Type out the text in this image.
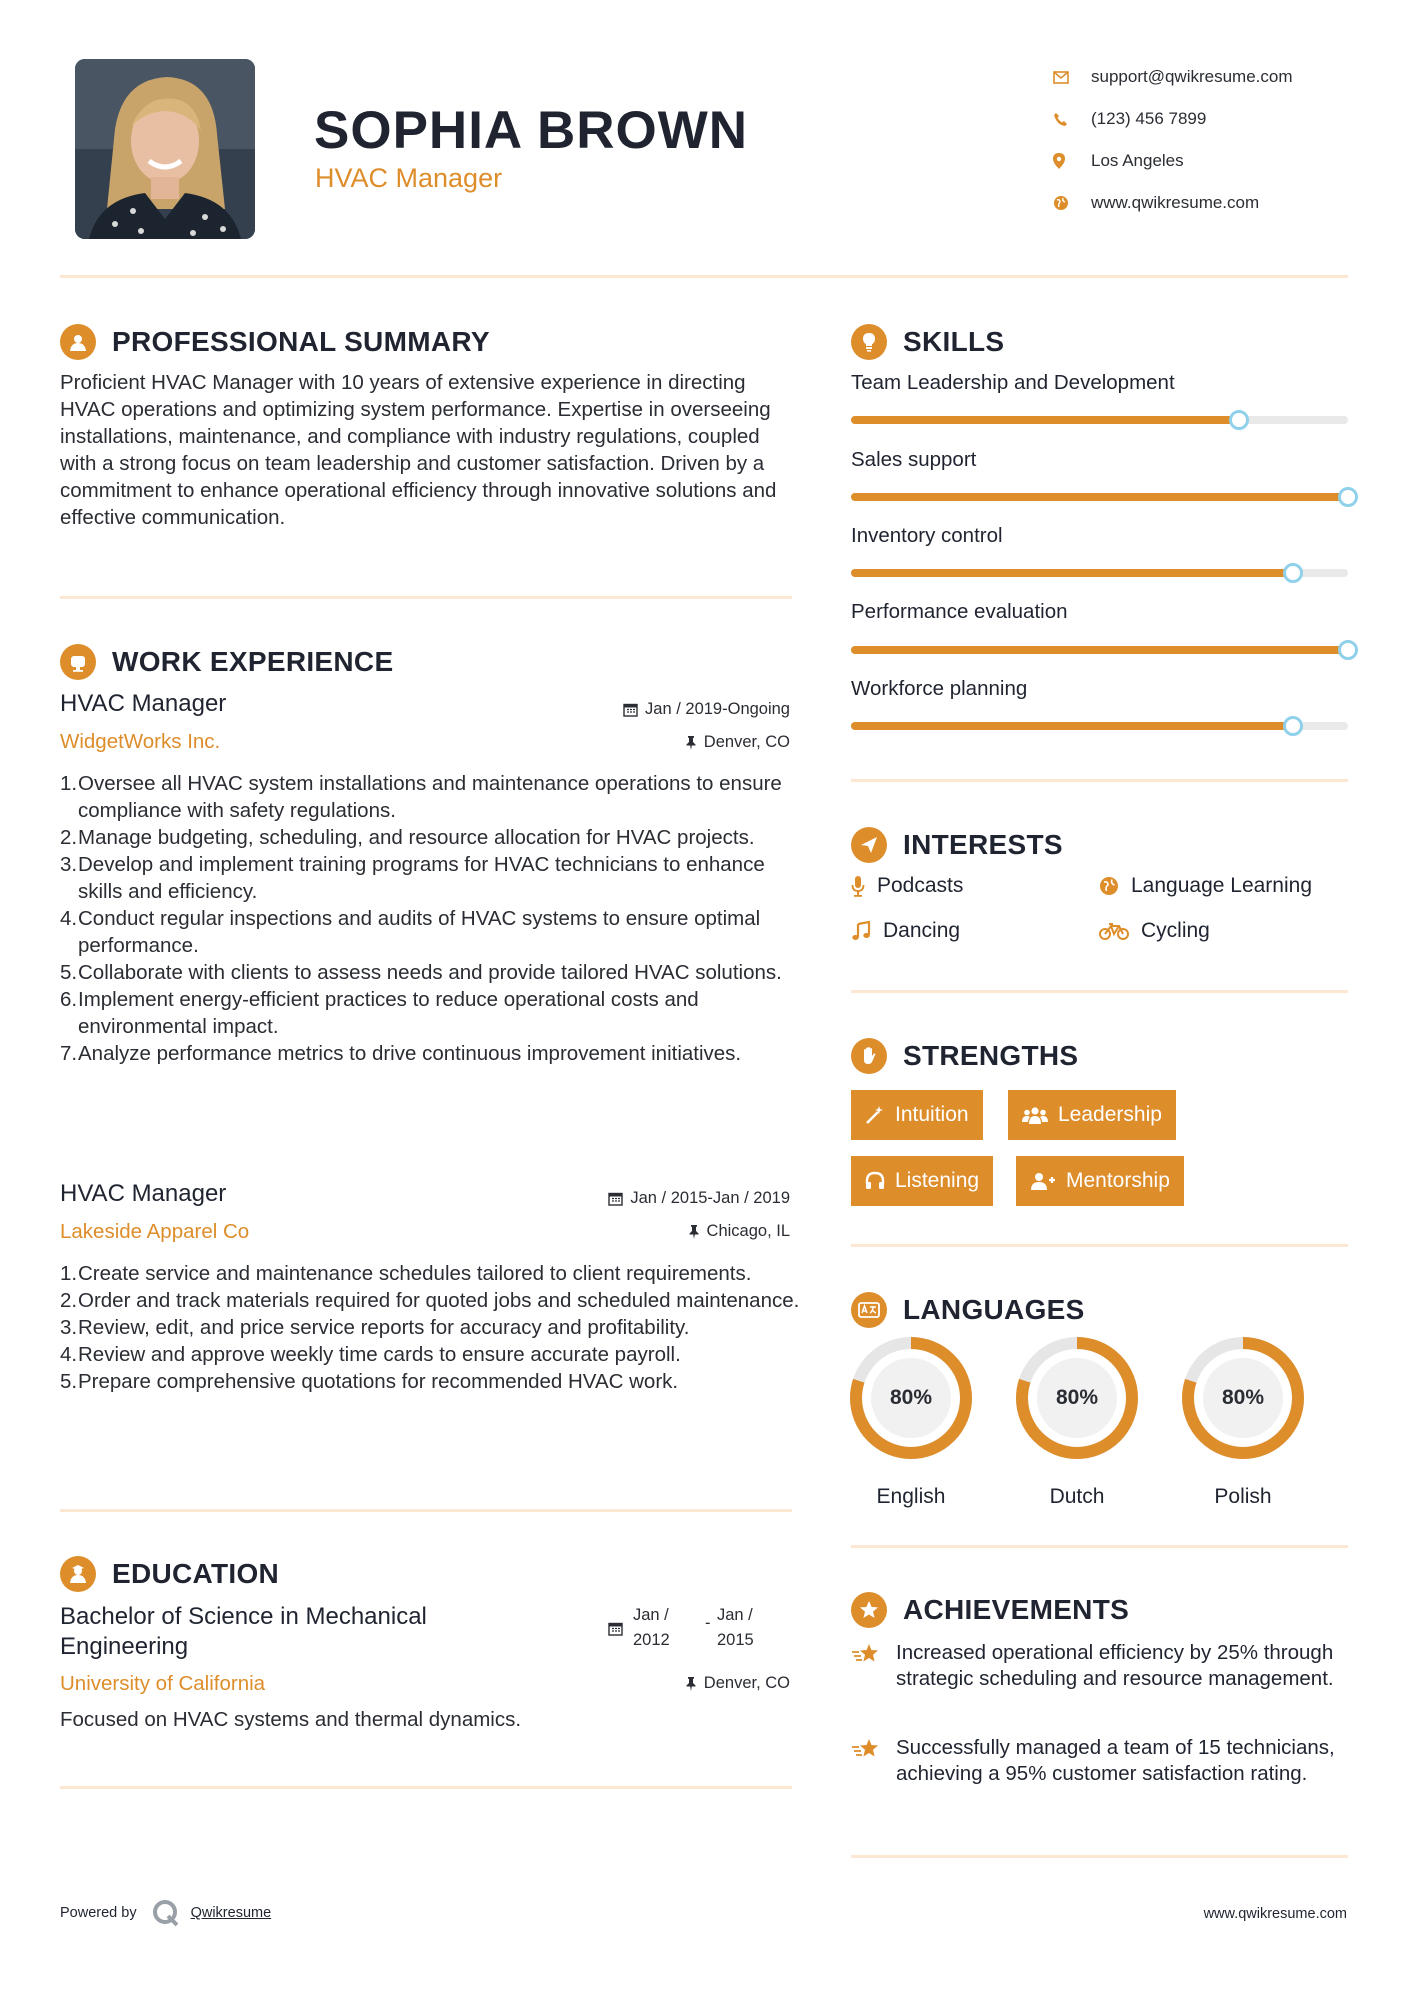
SOPHIA BROWN
HVAC Manager
support@qwikresume.com
(123) 456 7899
Los Angeles
www.qwikresume.com
PROFESSIONAL SUMMARY
Proficient HVAC Manager with 10 years of extensive experience in directing HVAC operations and optimizing system performance. Expertise in overseeing installations, maintenance, and compliance with industry regulations, coupled with a strong focus on team leadership and customer satisfaction. Driven by a commitment to enhance operational efficiency through innovative solutions and effective communication.
WORK EXPERIENCE
HVAC Manager
WidgetWorks Inc.
Jan / 2019-Ongoing
Denver, CO
1. Oversee all HVAC system installations and maintenance operations to ensure compliance with safety regulations.
2. Manage budgeting, scheduling, and resource allocation for HVAC projects.
3. Develop and implement training programs for HVAC technicians to enhance skills and efficiency.
4. Conduct regular inspections and audits of HVAC systems to ensure optimal performance.
5. Collaborate with clients to assess needs and provide tailored HVAC solutions.
6. Implement energy-efficient practices to reduce operational costs and environmental impact.
7. Analyze performance metrics to drive continuous improvement initiatives.
HVAC Manager
Lakeside Apparel Co
Jan / 2015-Jan / 2019
Chicago, IL
1. Create service and maintenance schedules tailored to client requirements.
2. Order and track materials required for quoted jobs and scheduled maintenance.
3. Review, edit, and price service reports for accuracy and profitability.
4. Review and approve weekly time cards to ensure accurate payroll.
5. Prepare comprehensive quotations for recommended HVAC work.
EDUCATION
Bachelor of Science in Mechanical
Engineering
University of California
Jan /
2012
- Jan /
2015
Denver, CO
Focused on HVAC systems and thermal dynamics.
SKILLS
Team Leadership and Development
Sales support
Inventory control
Performance evaluation
Workforce planning
INTERESTS
Podcasts	Language Learning
Dancing	Cycling
STRENGTHS
Intuition	Leadership
Listening	Mentorship
LANGUAGES
80%
English
80%
Dutch
80%
Polish
ACHIEVEMENTS
Increased operational efficiency by 25% through strategic scheduling and resource management.
Successfully managed a team of 15 technicians, achieving a 95% customer satisfaction rating.
Powered by	Qwikresume	www.qwikresume.com
